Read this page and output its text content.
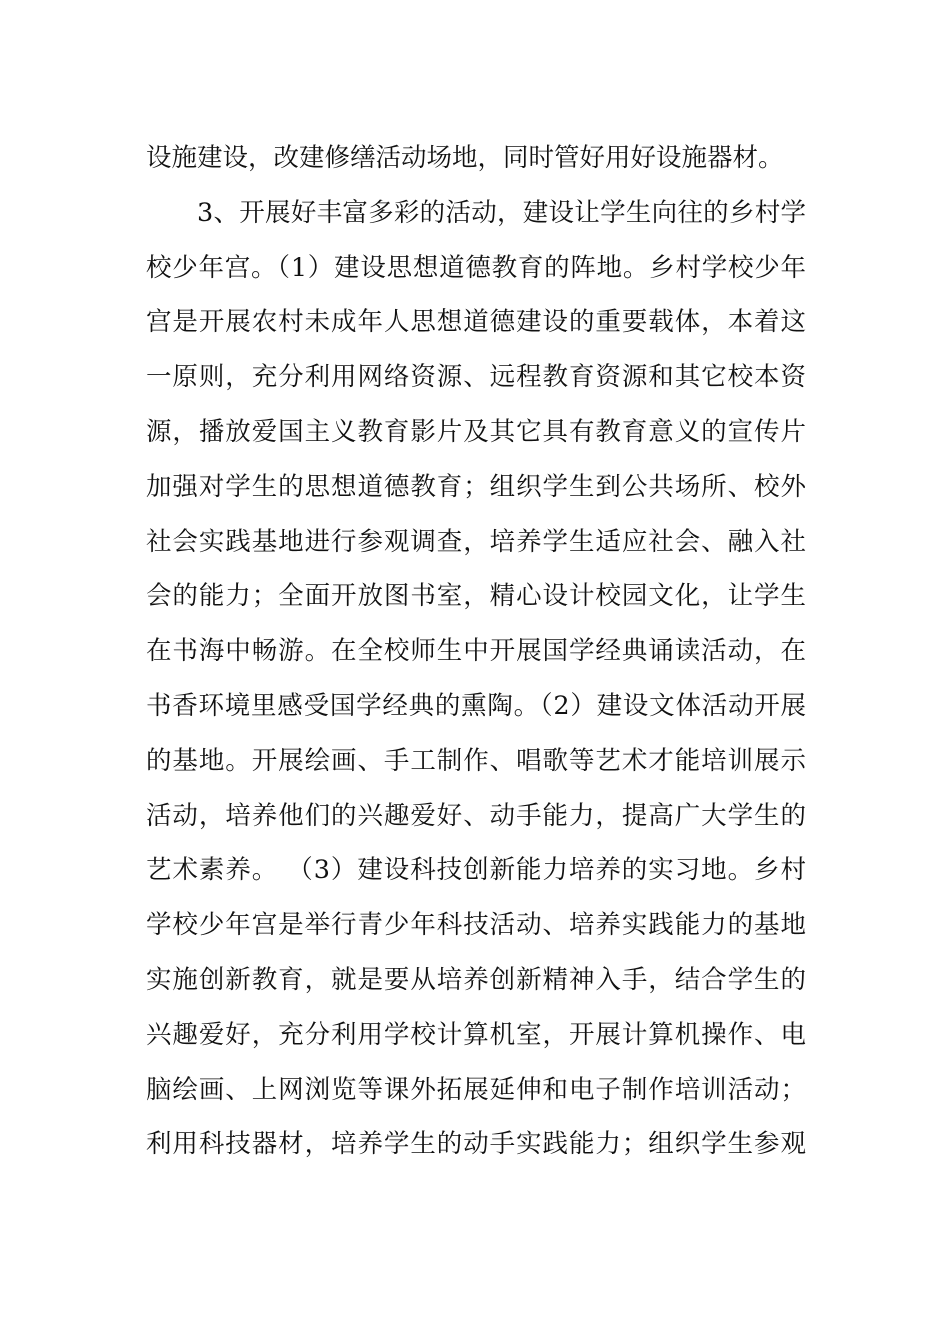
设施建设，改建修缮活动场地，同时管好用好设施器材。
3、开展好丰富多彩的活动，建设让学生向往的乡村学
校少年宫。（1）建设思想道德教育的阵地。乡村学校少年
宫是开展农村未成年人思想道德建设的重要载体，本着这
一原则，充分利用网络资源、远程教育资源和其它校本资
源，播放爱国主义教育影片及其它具有教育意义的宣传片
加强对学生的思想道德教育；组织学生到公共场所、校外
社会实践基地进行参观调查，培养学生适应社会、融入社
会的能力；全面开放图书室，精心设计校园文化，让学生
在书海中畅游。在全校师生中开展国学经典诵读活动，在
书香环境里感受国学经典的熏陶。（2）建设文体活动开展
的基地。开展绘画、手工制作、唱歌等艺术才能培训展示
活动，培养他们的兴趣爱好、动手能力，提高广大学生的
艺术素养。 （3）建设科技创新能力培养的实习地。乡村
学校少年宫是举行青少年科技活动、培养实践能力的基地
实施创新教育，就是要从培养创新精神入手，结合学生的
兴趣爱好，充分利用学校计算机室，开展计算机操作、电
脑绘画、上网浏览等课外拓展延伸和电子制作培训活动；
利用科技器材，培养学生的动手实践能力；组织学生参观
